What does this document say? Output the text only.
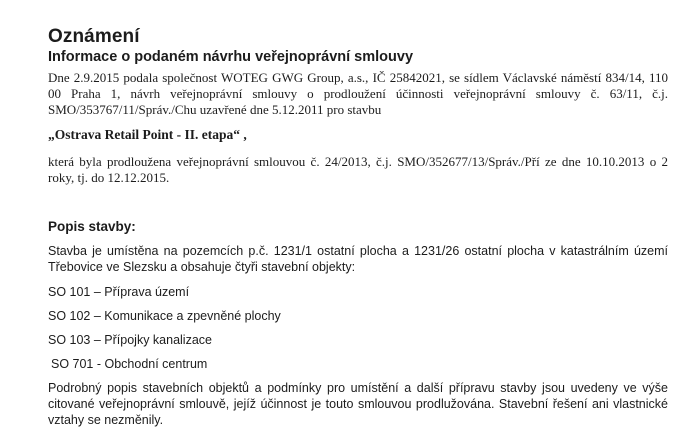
Oznámení
Informace o podaném návrhu veřejnoprávní smlouvy

Dne 2.9.2015 podala společnost WOTEG GWG Group, a.s., IČ 25842021, se sídlem Václavské náměstí 834/14, 110 00 Praha 1, návrh veřejnoprávní smlouvy o prodloužení účinnosti veřejnoprávní smlouvy č. 63/11, č.j. SMO/353767/11/Správ./Chu uzavřené dne 5.12.2011 pro stavbu

„Ostrava Retail Point - II. etapa“ ,

která byla prodloužena veřejnoprávní smlouvou č. 24/2013, č.j. SMO/352677/13/Správ./Pří ze dne 10.10.2013 o 2 roky, tj. do 12.12.2015.

Popis stavby:

Stavba je umístěna na pozemcích p.č. 1231/1 ostatní plocha a 1231/26 ostatní plocha v katastrálním území Třebovice ve Slezsku a obsahuje čtyři stavební objekty:

SO 101 – Příprava území
SO 102 – Komunikace a zpevněné plochy
SO 103 – Přípojky kanalizace
SO 701 - Obchodní centrum

Podrobný popis stavebních objektů a podmínky pro umístění a další přípravu stavby jsou uvedeny ve výše citované veřejnoprávní smlouvě, jejíž účinnost je touto smlouvou prodlužována. Stavební řešení ani vlastnické vztahy se nezměnily.
